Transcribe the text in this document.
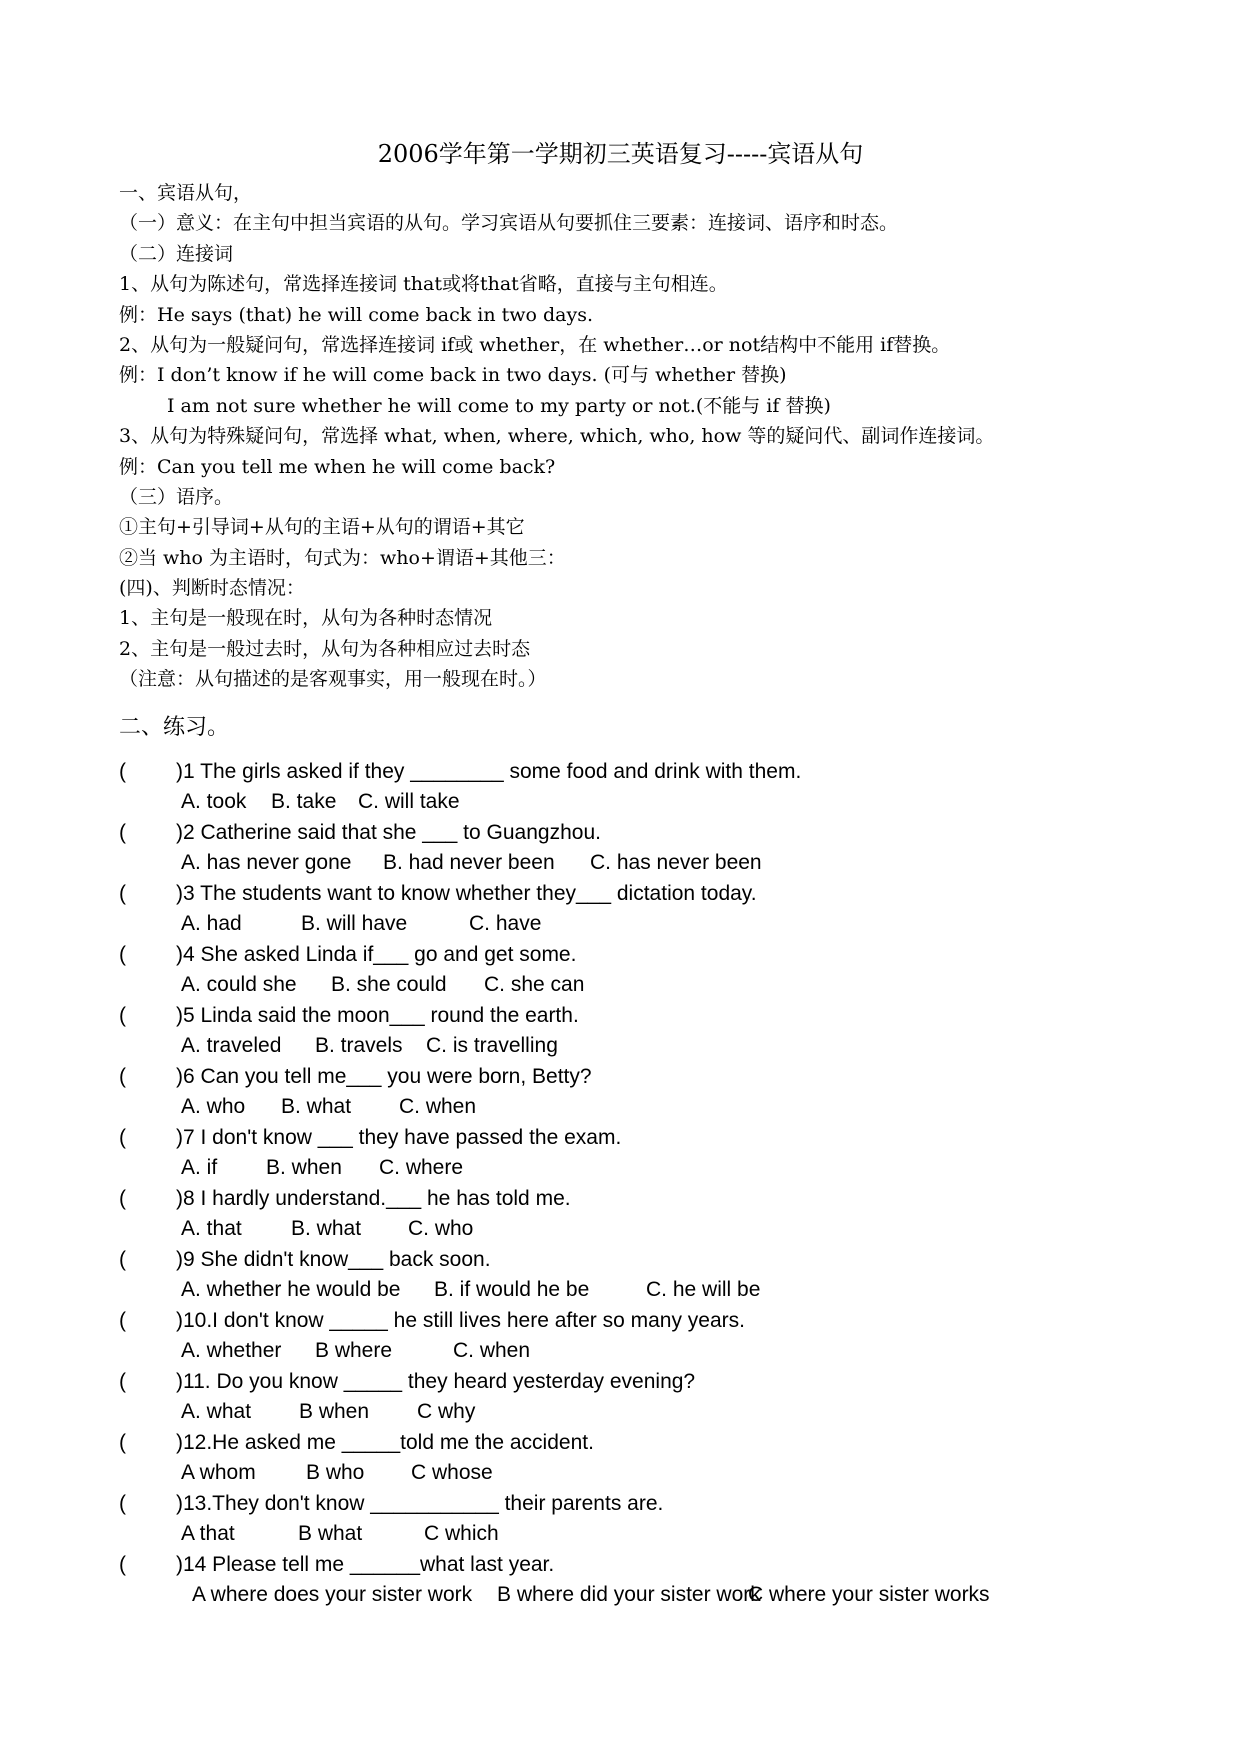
2006学年第一学期初三英语复习-----宾语从句
一、宾语从句，
（一）意义：在主句中担当宾语的从句。学习宾语从句要抓住三要素：连接词、语序和时态。
（二）连接词
1、从句为陈述句，常选择连接词 that或将that省略，直接与主句相连。
例：He says (that) he will come back in two days.
2、从句为一般疑问句，常选择连接词 if或 whether，在 whether…or not结构中不能用 if替换。
例：I don’t know if he will come back in two days. (可与 whether 替换)
I am not sure whether he will come to my party or not.(不能与 if 替换)
3、从句为特殊疑问句，常选择 what, when, where, which, who, how 等的疑问代、副词作连接词。
例：Can you tell me when he will come back?
（三）语序。
①主句+引导词+从句的主语+从句的谓语+其它
②当 who 为主语时，句式为：who+谓语+其他三：
(四)、判断时态情况：
1、主句是一般现在时，从句为各种时态情况
2、主句是一般过去时，从句为各种相应过去时态
（注意：从句描述的是客观事实，用一般现在时。）
二、练习。
( )1 The girls asked if they ________ some food and drink with them.
A. took B. take C. will take
( )2 Catherine said that she ___ to Guangzhou.
A. has never gone B. had never been C. has never been
( )3 The students want to know whether they___ dictation today.
A. had	B. will have	C. have
( )4 She asked Linda if___ go and get some.
A. could she B. she could C. she can
( )5 Linda said the moon___ round the earth.
A. traveled B. travels C. is travelling
( )6 Can you tell me___ you were born, Betty?
A. who B. what C. when
( )7 I don't know ___ they have passed the exam.
A. if B. when C. where
( )8 I hardly understand.___ he has told me.
A. that B. what C. who
( )9 She didn't know___ back soon.
A. whether he would be B. if would he be	C. he will be
( )10.I don't know _____ he still lives here after so many years.
A. whether B where	C. when
( )11. Do you know _____ they heard yesterday evening?
A. what B when C why
( )12.He asked me _____told me the accident.
A whom B who C whose
( )13.They don't know ___________ their parents are.
A that	B what	C which
( )14 Please tell me ______what last year.
A where does your sister work B where did your sister work
C where your sister works
